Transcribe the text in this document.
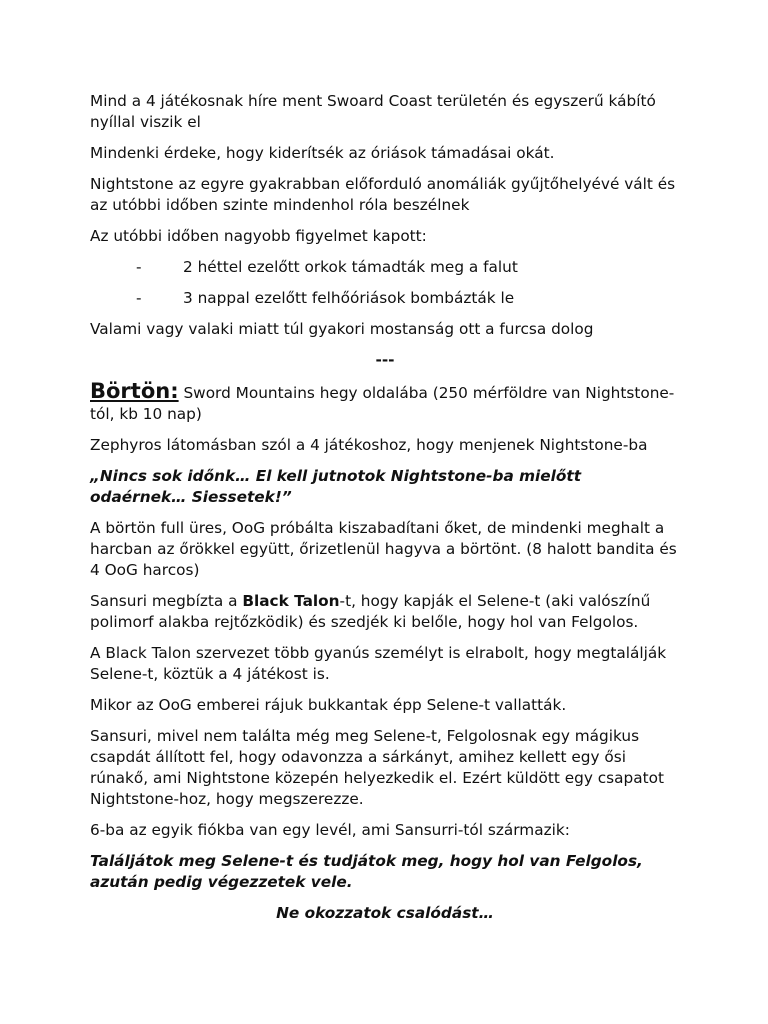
Mind a 4 játékosnak híre ment Swoard Coast területén és egyszerű kábító nyíllal viszik el

Mindenki érdeke, hogy kiderítsék az óriások támadásai okát.

Nightstone az egyre gyakrabban előforduló anomáliák gyűjtőhelyévé vált és az utóbbi időben szinte mindenhol róla beszélnek

Az utóbbi időben nagyobb figyelmet kapott:

-	2 héttel ezelőtt orkok támadták meg a falut
-	3 nappal ezelőtt felhőóriások bombázták le

Valami vagy valaki miatt túl gyakori mostanság ott a furcsa dolog

---

Börtön: Sword Mountains hegy oldalába (250 mérföldre van Nightstone-tól, kb 10 nap)

Zephyros látomásban szól a 4 játékoshoz, hogy menjenek Nightstone-ba

„Nincs sok időnk… El kell jutnotok Nightstone-ba mielőtt odaérnek… Siessetek!”

A börtön full üres, OoG próbálta kiszabadítani őket, de mindenki meghalt a harcban az őrökkel együtt, őrizetlenül hagyva a börtönt. (8 halott bandita és 4 OoG harcos)

Sansuri megbízta a Black Talon-t, hogy kapják el Selene-t (aki valószínű polimorf alakba rejtőzködik) és szedjék ki belőle, hogy hol van Felgolos.

A Black Talon szervezet több gyanús személyt is elrabolt, hogy megtalálják Selene-t, köztük a 4 játékost is.

Mikor az OoG emberei rájuk bukkantak épp Selene-t vallatták.

Sansuri, mivel nem találta még meg Selene-t, Felgolosnak egy mágikus csapdát állított fel, hogy odavonzza a sárkányt, amihez kellett egy ősi rúnakő, ami Nightstone közepén helyezkedik el. Ezért küldött egy csapatot Nightstone-hoz, hogy megszerezze.

6-ba az egyik fiókba van egy levél, ami Sansurri-tól származik:

Találjátok meg Selene-t és tudjátok meg, hogy hol van Felgolos, azután pedig végezzetek vele.

Ne okozzatok csalódást…
